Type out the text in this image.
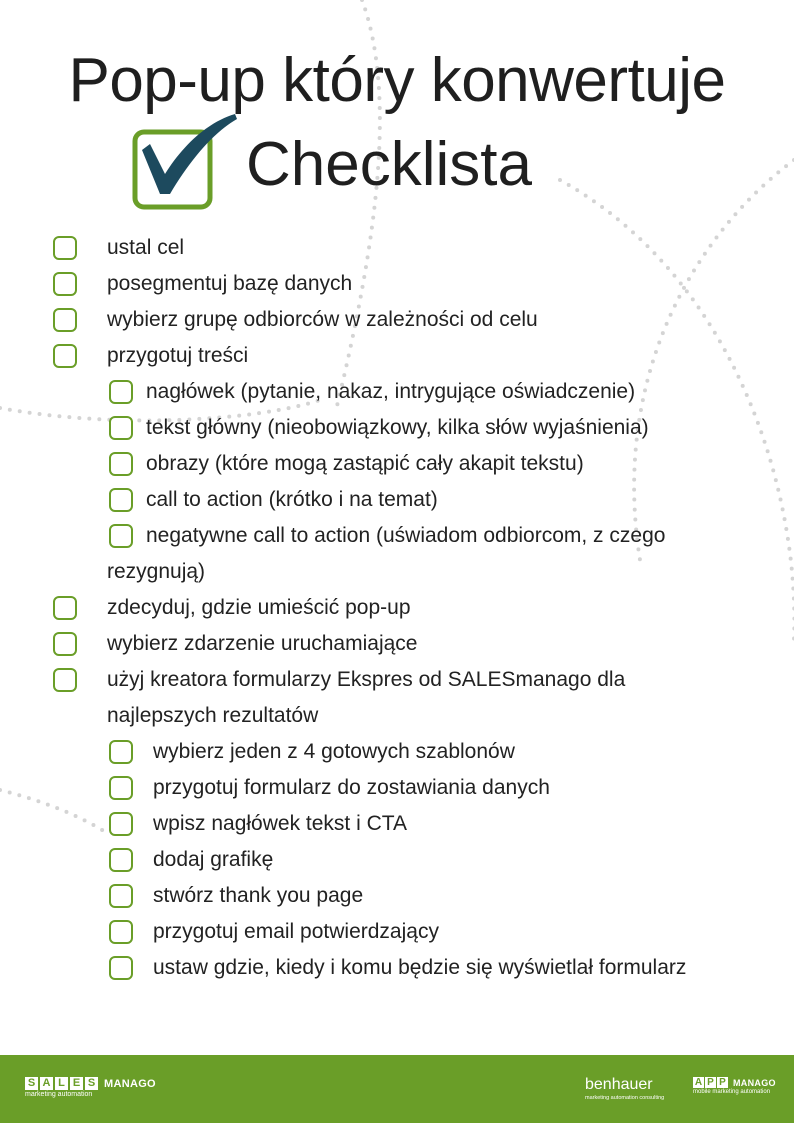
Pop-up który konwertuje
Checklista
ustal cel
posegmentuj bazę danych
wybierz grupę odbiorców w zależności od celu
przygotuj treści
nagłówek (pytanie, nakaz, intrygujące oświadczenie)
tekst główny (nieobowiązkowy, kilka słów wyjaśnienia)
obrazy (które mogą zastąpić cały akapit tekstu)
call to action (krótko i na temat)
negatywne call to action (uświadom odbiorcom, z czego
rezygnują)
zdecyduj, gdzie umieścić pop-up
wybierz zdarzenie uruchamiające
użyj kreatora formularzy Ekspres od SALESmanago dla
najlepszych rezultatów
wybierz jeden z 4 gotowych szablonów
przygotuj formularz do zostawiania danych
wpisz nagłówek tekst i CTA
dodaj grafikę
stwórz thank you page
przygotuj email potwierdzający
ustaw gdzie, kiedy i komu będzie się wyświetlał formularz
S A L E S MANAGO
marketing automation
benhauer
marketing automation consulting
A P P MANAGO
mobile marketing automation
